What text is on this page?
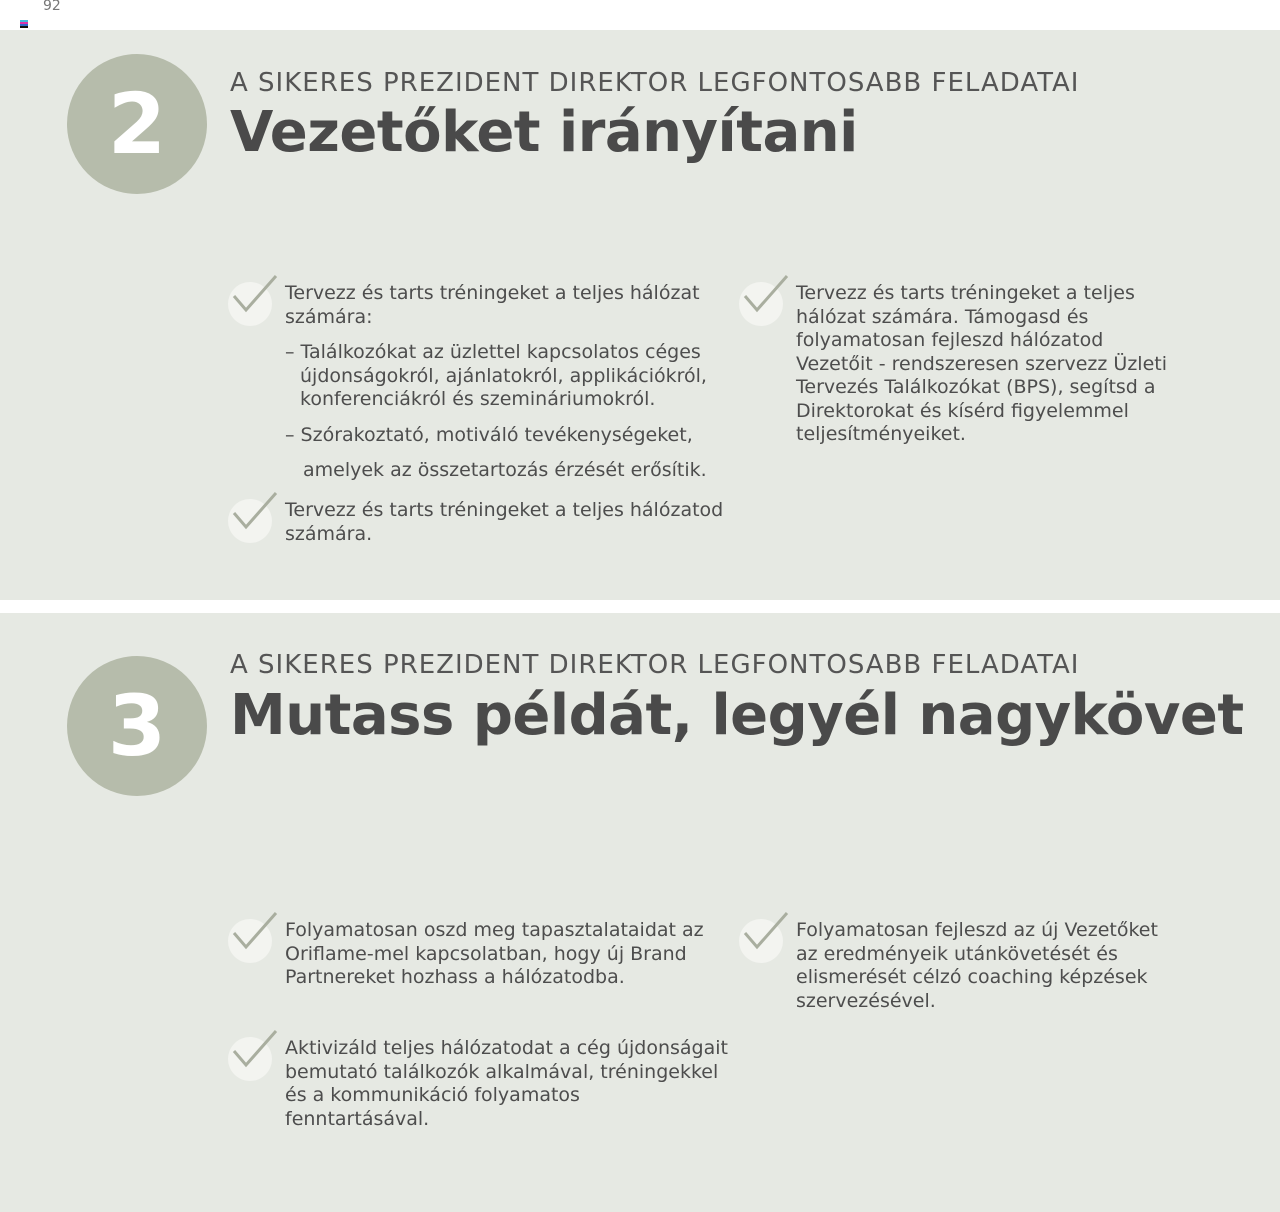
92
2	A SIKERES PREZIDENT DIREKTOR LEGFONTOSABB FELADATAI
Vezetőket irányítani

Tervezz és tarts tréningeket a teljes hálózat számára:

– Találkozókat az üzlettel kapcsolatos céges újdonságokról, ajánlatokról, applikációkról, konferenciákról és szemináriumokról.

– Szórakoztató, motiváló tevékenységeket,

amelyek az összetartozás érzését erősítik.

Tervezz és tarts tréningeket a teljes hálózatod számára.

Tervezz és tarts tréningeket a teljes hálózat számára. Támogasd és folyamatosan fejleszd hálózatod Vezetőit - rendszeresen szervezz Üzleti Tervezés Találkozókat (BPS), segítsd a Direktorokat és kísérd figyelemmel teljesítményeiket.

3
A SIKERES PREZIDENT DIREKTOR LEGFONTOSABB FELADATAI
Mutass példát, legyél nagykövet

Folyamatosan oszd meg tapasztalataidat az Oriflame-mel kapcsolatban, hogy új Brand Partnereket hozhass a hálózatodba.

Aktivizáld teljes hálózatodat a cég újdonságait bemutató találkozók alkalmával, tréningekkel és a kommunikáció folyamatos fenntartásával.

Folyamatosan fejleszd az új Vezetőket az eredményeik utánkövetését és elismerését célzó coaching képzések szervezésével.
